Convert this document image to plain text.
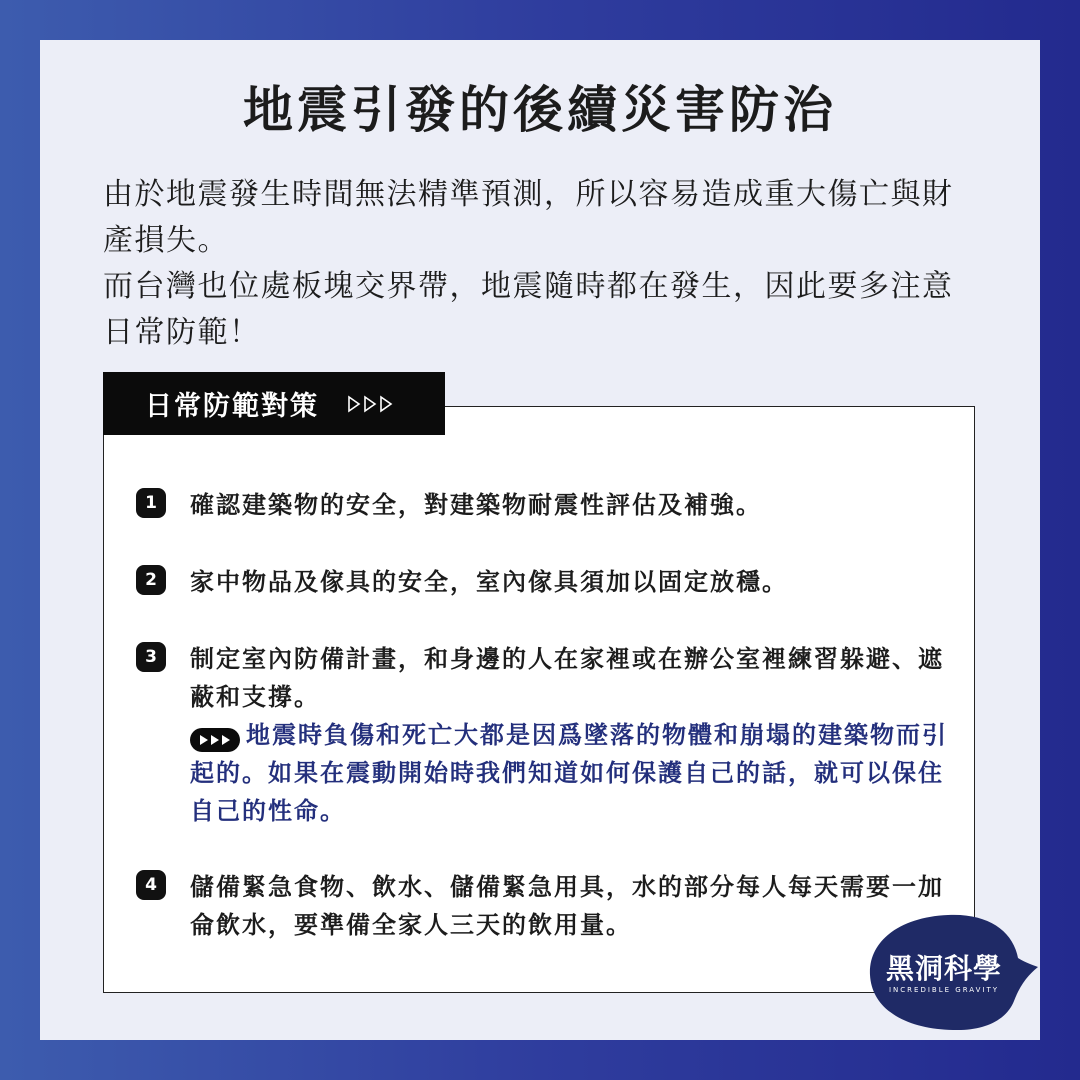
地震引發的後續災害防治

由於地震發生時間無法精準預測，所以容易造成重大傷亡與財產損失。

而台灣也位處板塊交界帶，地震隨時都在發生，因此要多注意日常防範！

日常防範對策
1	確認建築物的安全，對建築物耐震性評估及補強。
2	家中物品及傢具的安全，室內傢具須加以固定放穩。
3	制定室內防備計畫，和身邊的人在家裡或在辦公室裡練習躲避、遮蔽和支撐。
地震時負傷和死亡大都是因爲墜落的物體和崩塌的建築物而引起的。如果在震動開始時我們知道如何保護自己的話，就可以保住自己的性命。
4	儲備緊急食物、飲水、儲備緊急用具，水的部分每人每天需要一加侖飲水，要準備全家人三天的飲用量。
黑洞科學
INCREDIBLE GRAVITY
